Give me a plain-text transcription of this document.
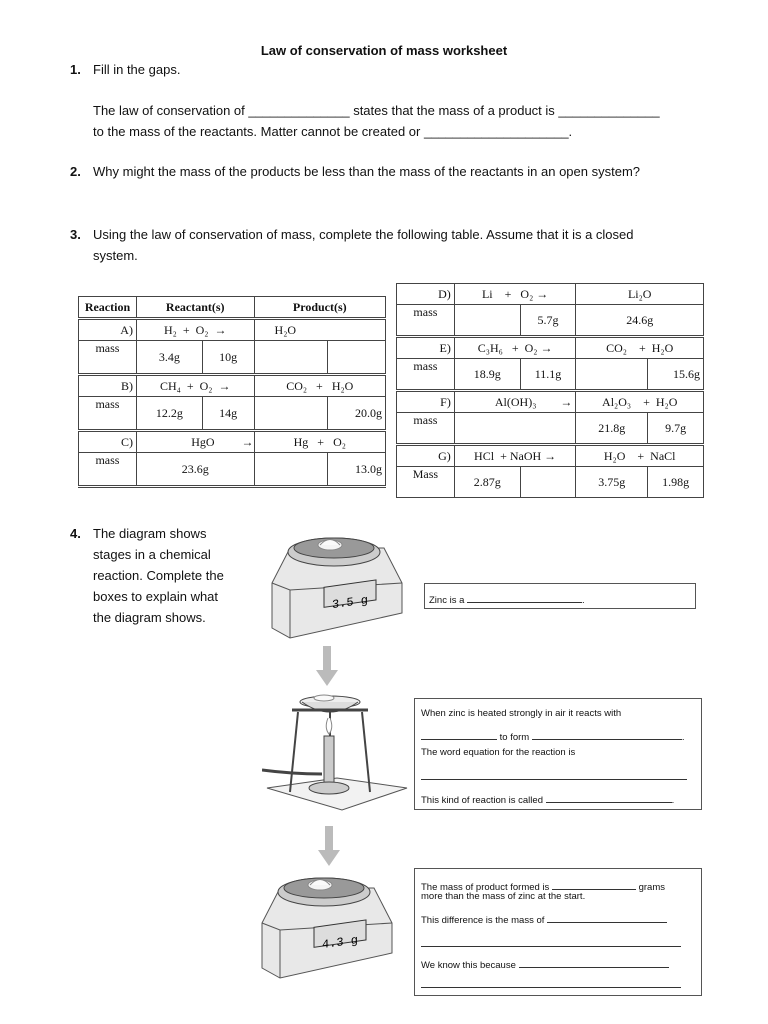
Law of conservation of mass worksheet
1. Fill in the gaps.
The law of conservation of ______________ states that the mass of a product is ______________
to the mass of the reactants. Matter cannot be created or ____________________.
2. Why might the mass of the products be less than the mass of the reactants in an open system?
3. Using the law of conservation of mass, complete the following table. Assume that it is a closed
system.
Reaction	Reactant(s)		Product(s)	
A)	H₂ + O₂ →		H₂O	
mass	3.4g	10g		
B)	CH₄ + O₂ →		CO₂ + H₂O	
mass	12.2g	14g		20.0g
C)	HgO →		Hg + O₂	
mass	23.6g			13.0g
D)	Li + O₂ →		Li₂O	
mass		5.7g	24.6g	
E)	C₃H₆ + O₂ →		CO₂ + H₂O	
mass	18.9g	11.1g		15.6g
F)	Al(OH)₃ →		Al₂O₃ + H₂O	
mass			21.8g	9.7g
G)	HCl + NaOH →		H₂O + NaCl	
Mass	2.87g		3.75g	1.98g
4. The diagram shows
stages in a chemical
reaction. Complete the
boxes to explain what
the diagram shows.
3.5 g	Zinc is a	.
When zinc is heated strongly in air it reacts with
to form	.
The word equation for the reaction is
This kind of reaction is called	.
4.3 g
The mass of product formed is	grams
more than the mass of zinc at the start.
This difference is the mass of
We know this because
